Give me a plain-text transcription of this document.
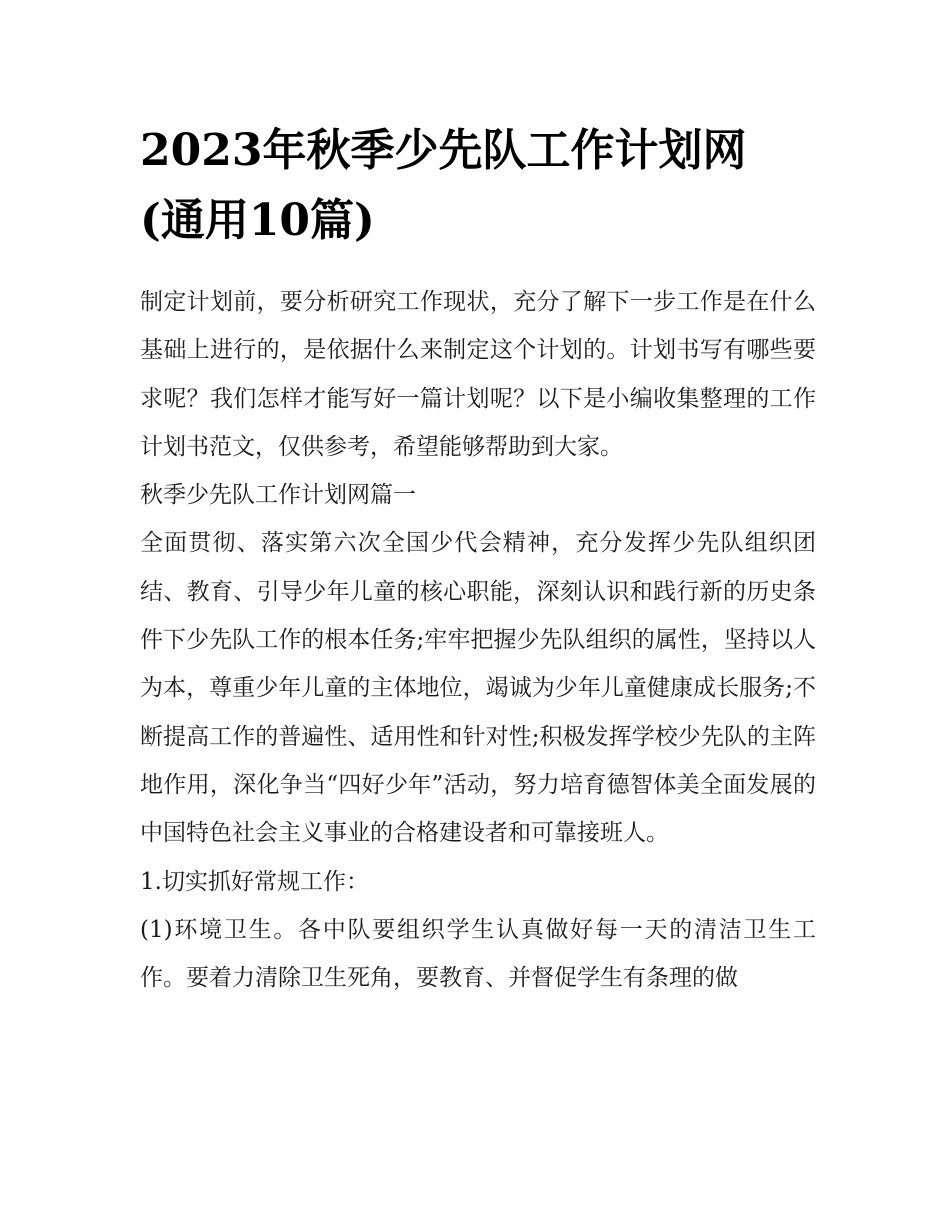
2023年秋季少先队工作计划网
(通用10篇)

制定计划前，要分析研究工作现状，充分了解下一步工作是在什么基础上进行的，是依据什么来制定这个计划的。计划书写有哪些要求呢？我们怎样才能写好一篇计划呢？以下是小编收集整理的工作计划书范文，仅供参考，希望能够帮助到大家。

秋季少先队工作计划网篇一

全面贯彻、落实第六次全国少代会精神，充分发挥少先队组织团结、教育、引导少年儿童的核心职能，深刻认识和践行新的历史条件下少先队工作的根本任务;牢牢把握少先队组织的属性，坚持以人为本，尊重少年儿童的主体地位，竭诚为少年儿童健康成长服务;不断提高工作的普遍性、适用性和针对性;积极发挥学校少先队的主阵地作用，深化争当“四好少年”活动，努力培育德智体美全面发展的中国特色社会主义事业的合格建设者和可靠接班人。

1.切实抓好常规工作：

(1)环境卫生。各中队要组织学生认真做好每一天的清洁卫生工作。要着力清除卫生死角，要教育、并督促学生有条理的做
